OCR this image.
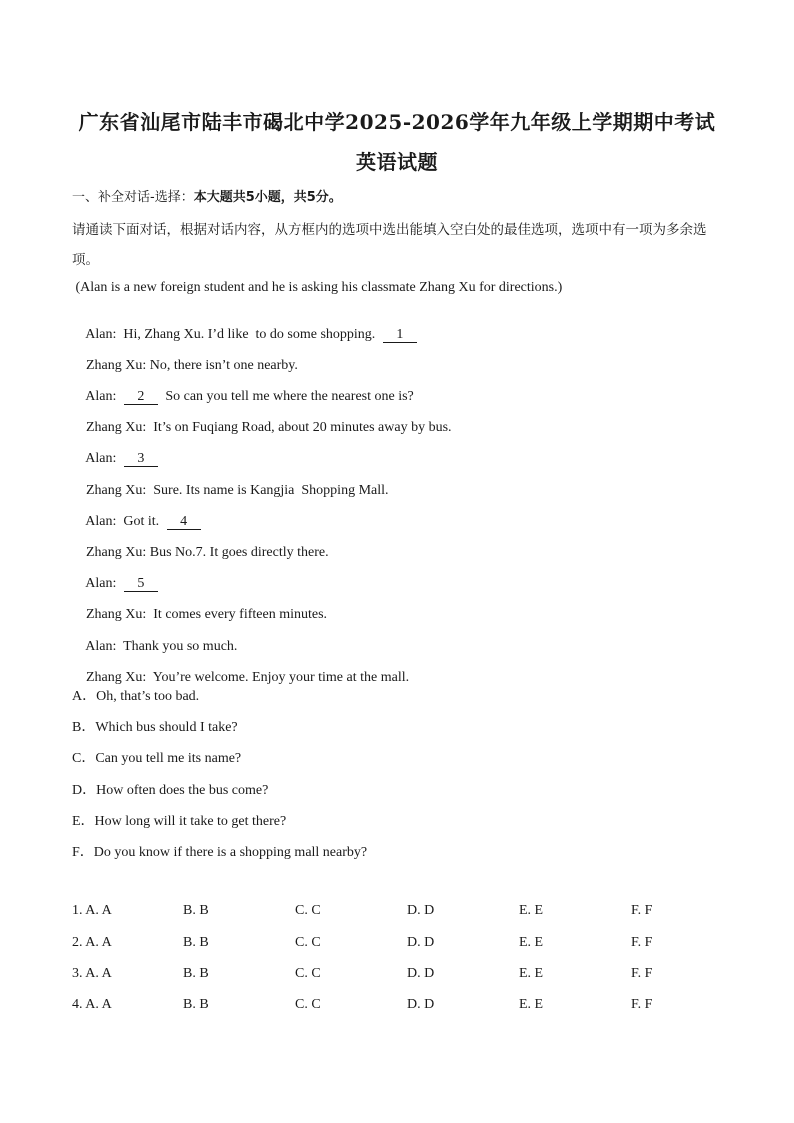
广东省汕尾市陆丰市碣北中学2025-2026学年九年级上学期期中考试
英语试题
一、补全对话-选择：本大题共5小题，共5分。
请通读下面对话，根据对话内容，从方框内的选项中选出能填入空白处的最佳选项，选项中有一项为多余选项。
(Alan is a new foreign student and he is asking his classmate Zhang Xu for directions.)

Alan:  Hi, Zhang Xu. I’d like  to do some shopping. 1

Zhang Xu: No, there isn’t one nearby.

Alan: 2 So can you tell me where the nearest one is?

Zhang Xu:  It’s on Fuqiang Road, about 20 minutes away by bus.

Alan: 3

Zhang Xu:  Sure. Its name is Kangjia  Shopping Mall.

Alan:  Got it. 4

Zhang Xu: Bus No.7. It goes directly there.

Alan: 5

Zhang Xu:  It comes every fifteen minutes.

Alan:  Thank you so much.

Zhang Xu:  You’re welcome. Enjoy your time at the mall.

A．Oh, that’s too bad.
B．Which bus should I take?
C．Can you tell me its name?
D．How often does the bus come?
E．How long will it take to get there?
F．Do you know if there is a shopping mall nearby?
1. A. A	B. B	C. C	D. D	E. E	F. F
2. A. A	B. B	C. C	D. D	E. E	F. F
3. A. A	B. B	C. C	D. D	E. E	F. F
4. A. A	B. B	C. C	D. D	E. E	F. F
